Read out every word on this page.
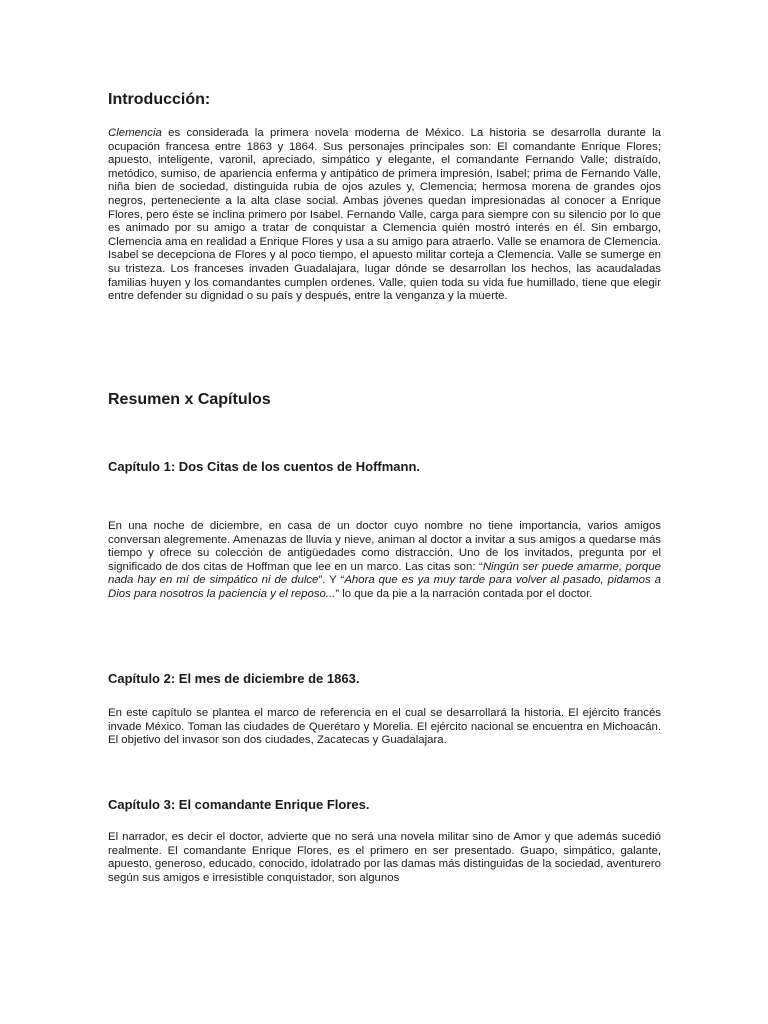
Introducción:

Clemencia es considerada la primera novela moderna de México. La historia se desarrolla durante la ocupación francesa entre 1863 y 1864. Sus personajes principales son: El comandante Enrique Flores; apuesto, inteligente, varonil, apreciado, simpático y elegante, el comandante Fernando Valle; distraído, metódico, sumiso, de apariencia enferma y antipático de primera impresión, Isabel; prima de Fernando Valle, niña bien de sociedad, distinguida rubia de ojos azules y, Clemencia; hermosa morena de grandes ojos negros, perteneciente a la alta clase social. Ambas jóvenes quedan impresionadas al conocer a Enrique Flores, pero éste se inclina primero por Isabel. Fernando Valle, carga para siempre con su silencio por lo que es animado por su amigo a tratar de conquistar a Clemencia quién mostró interés en él. Sin embargo, Clemencia ama en realidad a Enrique Flores y usa a su amigo para atraerlo. Valle se enamora de Clemencia. Isabel se decepciona de Flores y al poco tiempo, el apuesto militar corteja a Clemencia. Valle se sumerge en su tristeza. Los franceses invaden Guadalajara, lugar dónde se desarrollan los hechos, las acaudaladas familias huyen y los comandantes cumplen ordenes. Valle, quien toda su vida fue humillado, tiene que elegir entre defender su dignidad o su país y después, entre la venganza y la muerte.

Resumen x Capítulos
Capítulo 1: Dos Citas de los cuentos de Hoffmann.

En una noche de diciembre, en casa de un doctor cuyo nombre no tiene importancia, varios amigos conversan alegremente. Amenazas de lluvia y nieve, animan al doctor a invitar a sus amigos a quedarse más tiempo y ofrece su colección de antigüedades como distracción. Uno de los invitados, pregunta por el significado de dos citas de Hoffman que lee en un marco. Las citas son: “Ningún ser puede amarme, porque nada hay en mí de simpático ni de dulce”. Y “Ahora que es ya muy tarde para volver al pasado, pidamos a Dios para nosotros la paciencia y el reposo...” lo que da pie a la narración contada por el doctor.

Capítulo 2: El mes de diciembre de 1863.

En este capítulo se plantea el marco de referencia en el cual se desarrollará la historia. El ejército francés invade México. Toman las ciudades de Querétaro y Morelia. El ejército nacional se encuentra en Michoacán. El objetivo del invasor son dos ciudades, Zacatecas y Guadalajara.

Capítulo 3: El comandante Enrique Flores.

El narrador, es decir el doctor, advierte que no será una novela militar sino de Amor y que además sucedió realmente. El comandante Enrique Flores, es el primero en ser presentado. Guapo, simpático, galante, apuesto, generoso, educado, conocido, idolatrado por las damas más distinguidas de la sociedad, aventurero según sus amigos e irresistible conquistador, son algunos
